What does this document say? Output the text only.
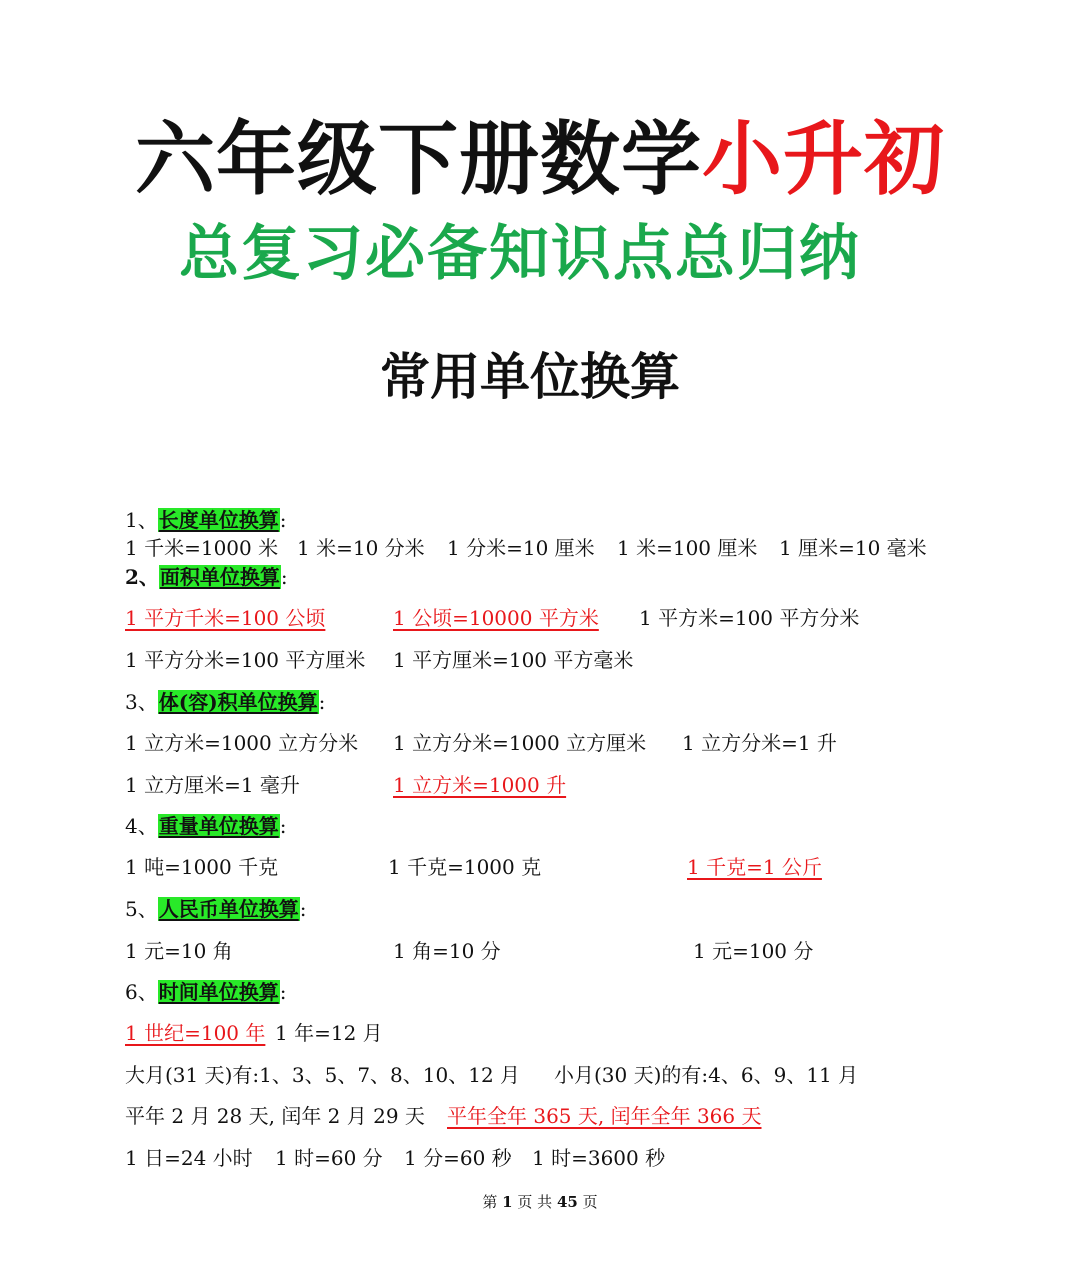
六年级下册数学小升初
总复习必备知识点总归纳
常用单位换算
1、长度单位换算:
1 千米=1000 米 1 米=10 分米 1 分米=10 厘米 1 米=100 厘米 1 厘米=10 毫米
2、面积单位换算:
1 平方千米=100 公顷	1 公顷=10000 平方米 1 平方米=100 平方分米
1 平方分米=100 平方厘米 1 平方厘米=100 平方毫米
3、体(容)积单位换算:
1 立方米=1000 立方分米 1 立方分米=1000 立方厘米 1 立方分米=1 升
1 立方厘米=1 毫升	1 立方米=1000 升
4、重量单位换算:
1 吨=1000 千克	1 千克=1000 克	1 千克=1 公斤
5、人民币单位换算:
1 元=10 角	1 角=10 分	1 元=100 分
6、时间单位换算:
1 世纪=100 年 1 年=12 月
大月(31 天)有:1、3、5、7、8、10、12 月 小月(30 天)的有:4、6、9、11 月
平年 2 月 28 天, 闰年 2 月 29 天 平年全年 365 天, 闰年全年 366 天
1 日=24 小时 1 时=60 分 1 分=60 秒 1 时=3600 秒
第 1 页 共 45 页
